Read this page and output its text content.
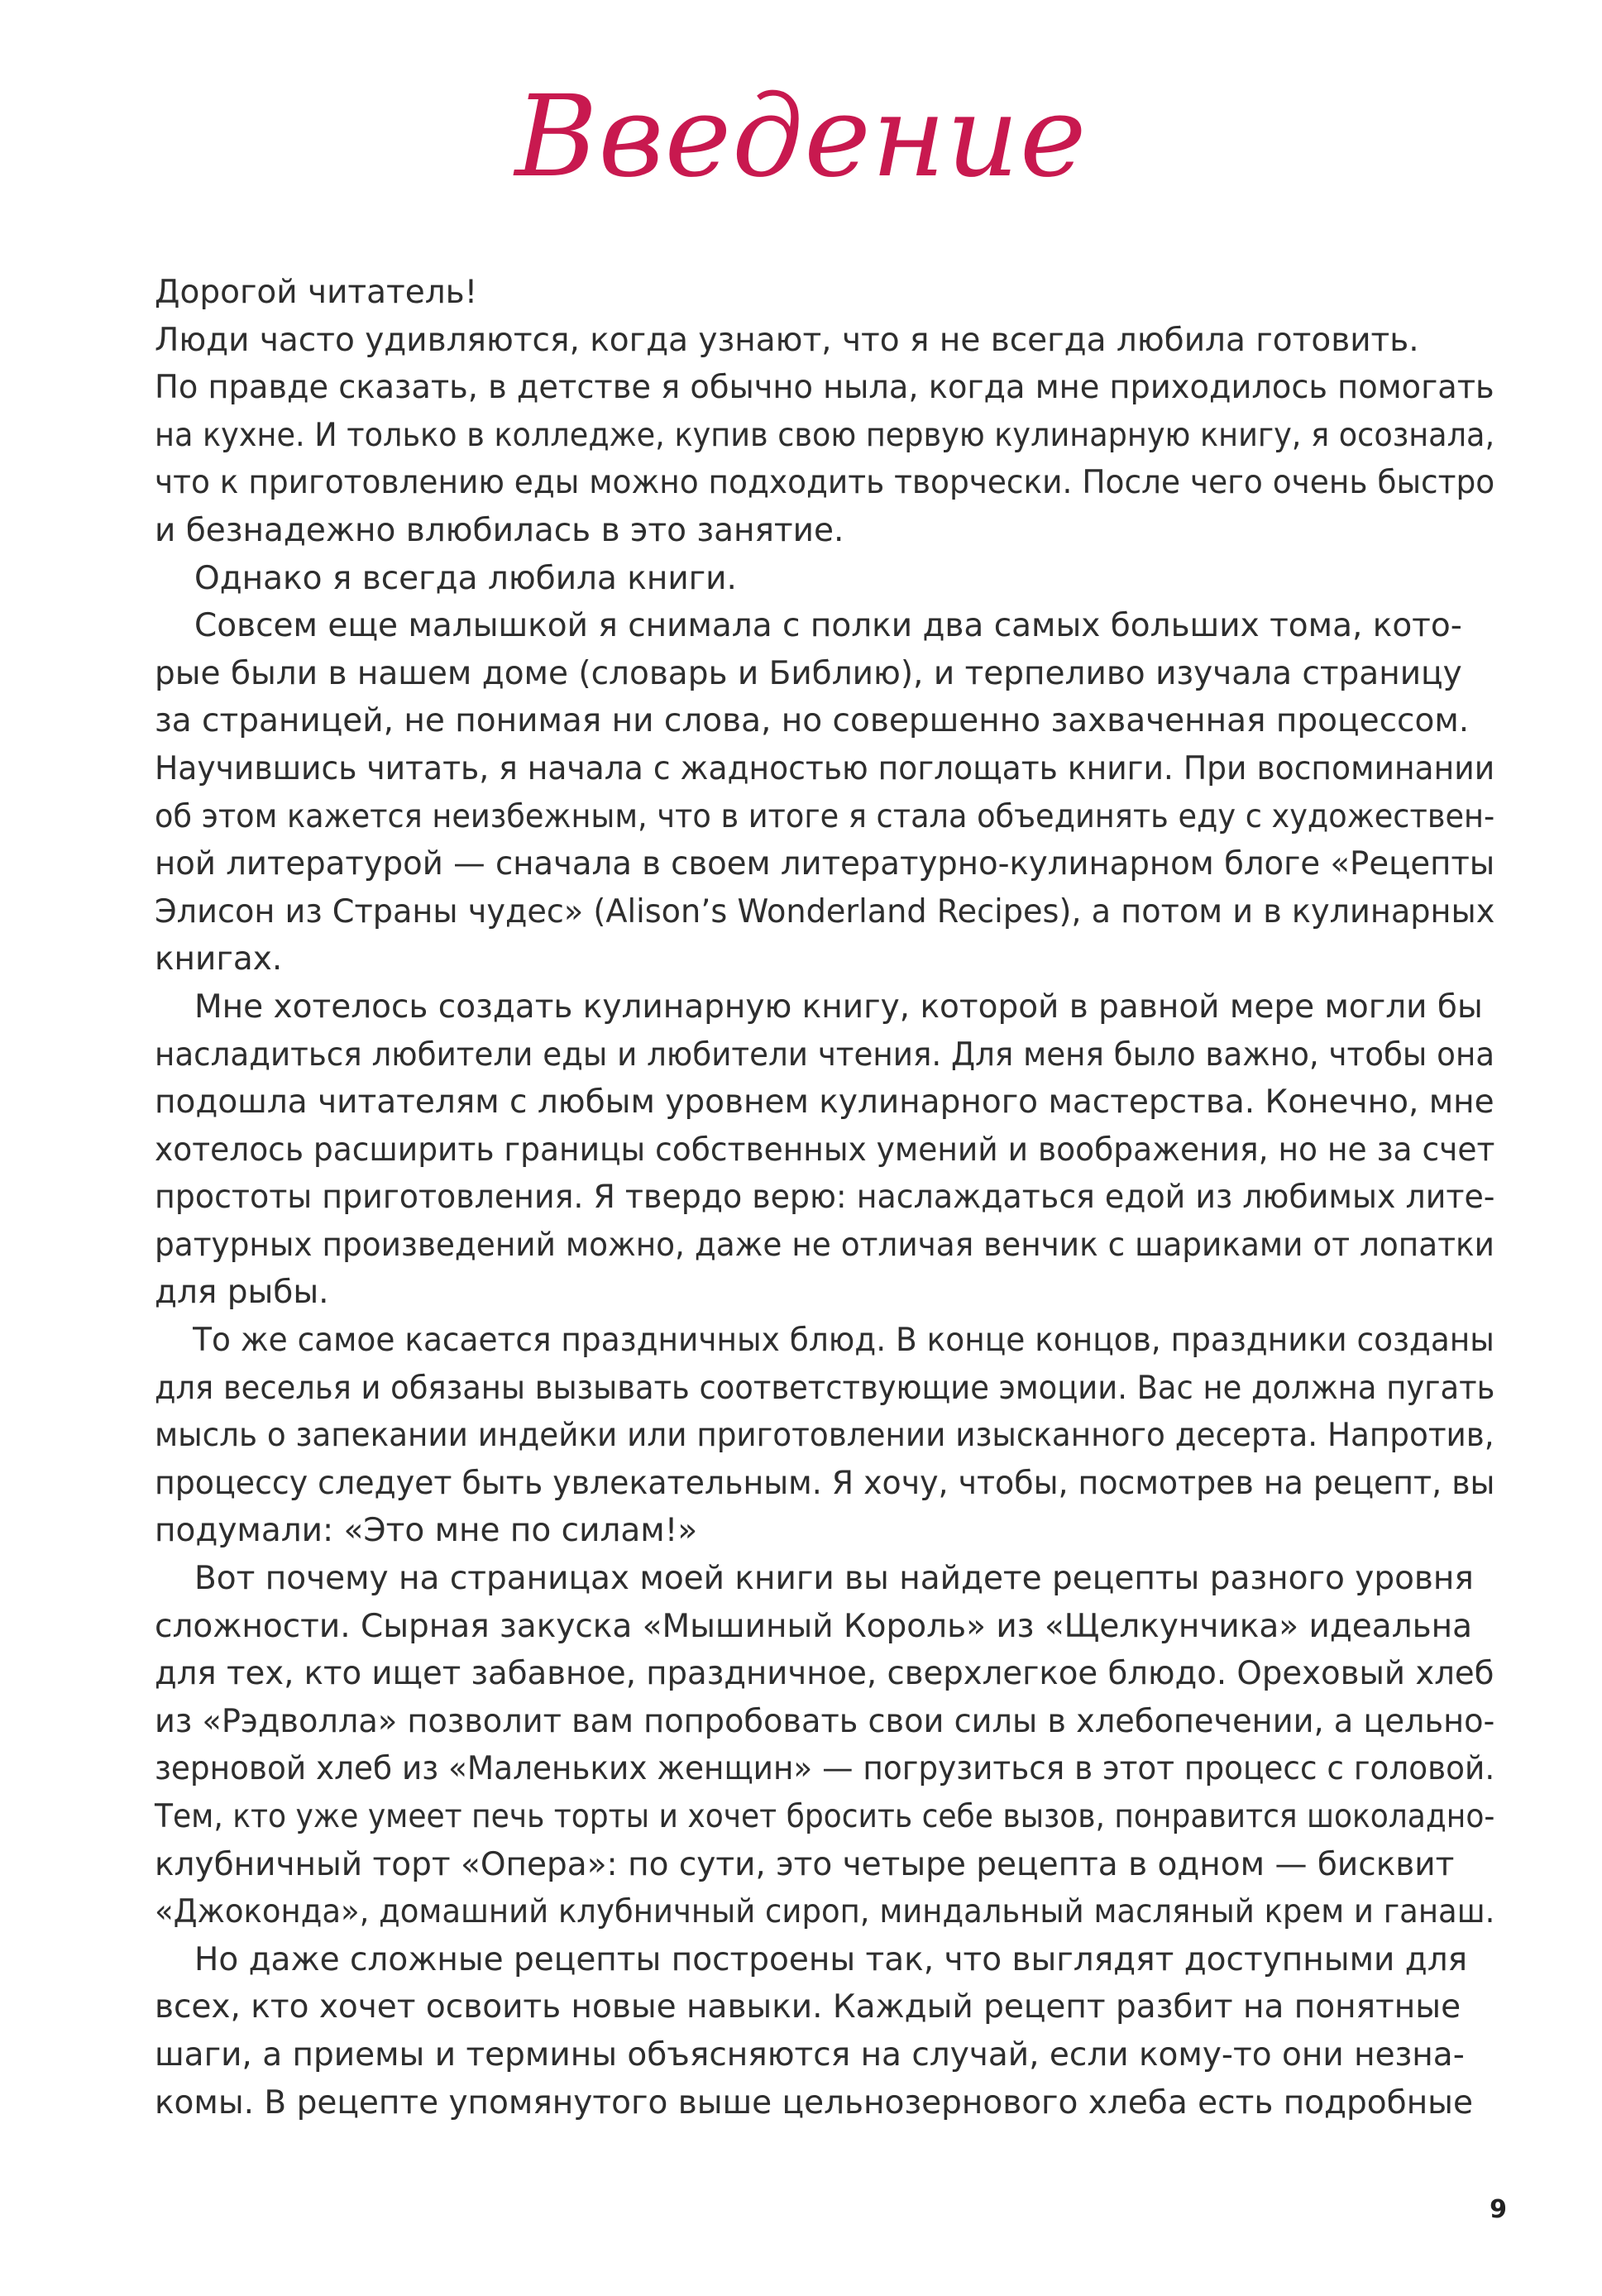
Введение
Дорогой читатель!
Люди часто удивляются, когда узнают, что я не всегда любила готовить.
По правде сказать, в детстве я обычно ныла, когда мне приходилось помогать
на кухне. И только в колледже, купив свою первую кулинарную книгу, я осознала,
что к приготовлению еды можно подходить творчески. После чего очень быстро
и безнадежно влюбилась в это занятие.
Однако я всегда любила книги.
Совсем еще малышкой я снимала с полки два самых больших тома, кото-
рые были в нашем доме (словарь и Библию), и терпеливо изучала страницу
за страницей, не понимая ни слова, но совершенно захваченная процессом.
Научившись читать, я начала с жадностью поглощать книги. При воспоминании
об этом кажется неизбежным, что в итоге я стала объединять еду с художествен-
ной литературой — сначала в своем литературно-кулинарном блоге «Рецепты
Элисон из Страны чудес» (Alison’s Wonderland Recipes), а потом и в кулинарных
книгах.
Мне хотелось создать кулинарную книгу, которой в равной мере могли бы
насладиться любители еды и любители чтения. Для меня было важно, чтобы она
подошла читателям с любым уровнем кулинарного мастерства. Конечно, мне
хотелось расширить границы собственных умений и воображения, но не за счет
простоты приготовления. Я твердо верю: наслаждаться едой из любимых лите-
ратурных произведений можно, даже не отличая венчик с шариками от лопатки
для рыбы.
То же самое касается праздничных блюд. В конце концов, праздники созданы
для веселья и обязаны вызывать соответствующие эмоции. Вас не должна пугать
мысль о запекании индейки или приготовлении изысканного десерта. Напротив,
процессу следует быть увлекательным. Я хочу, чтобы, посмотрев на рецепт, вы
подумали: «Это мне по силам!»
Вот почему на страницах моей книги вы найдете рецепты разного уровня
сложности. Сырная закуска «Мышиный Король» из «Щелкунчика» идеальна
для тех, кто ищет забавное, праздничное, сверхлегкое блюдо. Ореховый хлеб
из «Рэдволла» позволит вам попробовать свои силы в хлебопечении, а цельно-
зерновой хлеб из «Маленьких женщин» — погрузиться в этот процесс с головой.
Тем, кто уже умеет печь торты и хочет бросить себе вызов, понравится шоколадно-
клубничный торт «Опера»: по сути, это четыре рецепта в одном — бисквит
«Джоконда», домашний клубничный сироп, миндальный масляный крем и ганаш.
Но даже сложные рецепты построены так, что выглядят доступными для
всех, кто хочет освоить новые навыки. Каждый рецепт разбит на понятные
шаги, а приемы и термины объясняются на случай, если кому-то они незна-
комы. В рецепте упомянутого выше цельнозернового хлеба есть подробные
9
